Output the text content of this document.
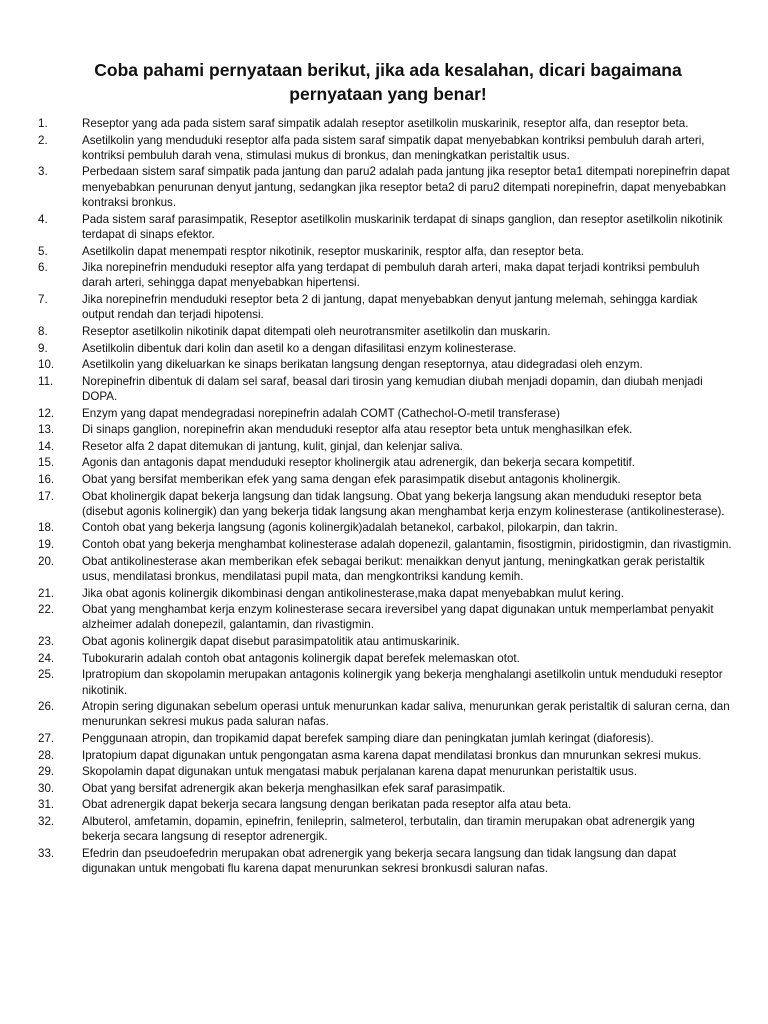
Coba pahami pernyataan berikut, jika ada kesalahan, dicari bagaimana pernyataan yang benar!
1.	Reseptor yang ada pada sistem saraf simpatik adalah reseptor asetilkolin muskarinik, reseptor alfa, dan reseptor beta.
2.	Asetilkolin yang menduduki reseptor alfa pada sistem saraf simpatik dapat menyebabkan kontriksi pembuluh darah arteri, kontriksi pembuluh darah vena, stimulasi mukus di bronkus, dan meningkatkan peristaltik usus.
3.	Perbedaan sistem saraf simpatik pada jantung dan paru2 adalah pada jantung jika reseptor beta1 ditempati norepinefrin dapat menyebabkan penurunan denyut jantung, sedangkan jika reseptor beta2 di paru2 ditempati norepinefrin, dapat menyebabkan kontraksi bronkus.
4.	Pada sistem saraf parasimpatik, Reseptor asetilkolin muskarinik terdapat di sinaps ganglion, dan reseptor asetilkolin nikotinik terdapat di sinaps efektor.
5.	Asetilkolin dapat menempati resptor nikotinik, reseptor muskarinik, resptor alfa, dan reseptor beta.
6.	Jika norepinefrin menduduki reseptor alfa yang terdapat di pembuluh darah arteri, maka dapat terjadi kontriksi pembuluh darah arteri, sehingga dapat menyebabkan hipertensi.
7.	Jika norepinefrin menduduki reseptor beta 2 di jantung, dapat menyebabkan denyut jantung melemah, sehingga kardiak output rendah dan terjadi hipotensi.
8.	Reseptor asetilkolin nikotinik dapat ditempati oleh neurotransmiter asetilkolin dan muskarin.
9.	Asetilkolin dibentuk dari kolin dan asetil ko a dengan difasilitasi enzym kolinesterase.
10.	Asetilkolin yang dikeluarkan ke sinaps berikatan langsung dengan reseptornya, atau didegradasi oleh enzym.
11.	Norepinefrin dibentuk di dalam sel saraf, beasal dari tirosin yang kemudian diubah menjadi dopamin, dan diubah menjadi DOPA.
12.	Enzym yang dapat mendegradasi norepinefrin adalah COMT (Cathechol-O-metil transferase)
13.	Di sinaps ganglion, norepinefrin akan menduduki reseptor alfa atau reseptor beta untuk menghasilkan efek.
14.	Resetor alfa 2 dapat ditemukan di jantung, kulit, ginjal, dan kelenjar saliva.
15.	Agonis dan antagonis dapat menduduki reseptor kholinergik atau adrenergik, dan bekerja secara kompetitif.
16.	Obat yang bersifat memberikan efek yang sama dengan efek parasimpatik disebut antagonis kholinergik.
17.	Obat kholinergik dapat bekerja langsung dan tidak langsung. Obat yang bekerja langsung akan menduduki reseptor beta (disebut agonis kolinergik) dan yang bekerja tidak langsung akan menghambat kerja enzym kolinesterase (antikolinesterase).
18.	Contoh obat yang bekerja langsung (agonis kolinergik)adalah betanekol, carbakol, pilokarpin, dan takrin.
19.	Contoh obat yang bekerja menghambat kolinesterase adalah dopenezil, galantamin, fisostigmin, piridostigmin, dan rivastigmin.
20.	Obat antikolinesterase akan memberikan efek sebagai berikut: menaikkan denyut jantung, meningkatkan gerak peristaltik usus, mendilatasi bronkus, mendilatasi pupil mata, dan mengkontriksi kandung kemih.
21.	Jika obat agonis kolinergik dikombinasi dengan antikolinesterase,maka dapat menyebabkan mulut kering.
22.	Obat yang menghambat kerja enzym kolinesterase secara ireversibel yang dapat digunakan untuk memperlambat penyakit alzheimer adalah donepezil, galantamin, dan rivastigmin.
23.	Obat agonis kolinergik dapat disebut parasimpatolitik atau antimuskarinik.
24.	Tubokurarin adalah contoh obat antagonis kolinergik dapat berefek melemaskan otot.
25.	Ipratropium dan skopolamin merupakan antagonis kolinergik yang bekerja menghalangi asetilkolin untuk menduduki reseptor nikotinik.
26.	Atropin sering digunakan sebelum operasi untuk menurunkan kadar saliva, menurunkan gerak peristaltik di saluran cerna, dan menurunkan sekresi mukus pada saluran nafas.
27.	Penggunaan atropin, dan tropikamid dapat berefek samping diare dan peningkatan jumlah keringat (diaforesis).
28.	Ipratopium dapat digunakan untuk pengongatan asma karena dapat mendilatasi bronkus dan mnurunkan sekresi mukus.
29.	Skopolamin dapat digunakan untuk mengatasi mabuk perjalanan karena dapat menurunkan peristaltik usus.
30.	Obat yang bersifat adrenergik akan bekerja menghasilkan efek saraf parasimpatik.
31.	Obat adrenergik dapat bekerja secara langsung dengan berikatan pada reseptor alfa atau beta.
32.	Albuterol, amfetamin, dopamin, epinefrin, fenileprin, salmeterol, terbutalin, dan tiramin merupakan obat adrenergik yang bekerja secara langsung di reseptor adrenergik.
33.	Efedrin dan pseudoefedrin merupakan obat adrenergik yang bekerja secara langsung dan tidak langsung dan dapat digunakan untuk mengobati flu karena dapat menurunkan sekresi bronkusdi saluran nafas.
